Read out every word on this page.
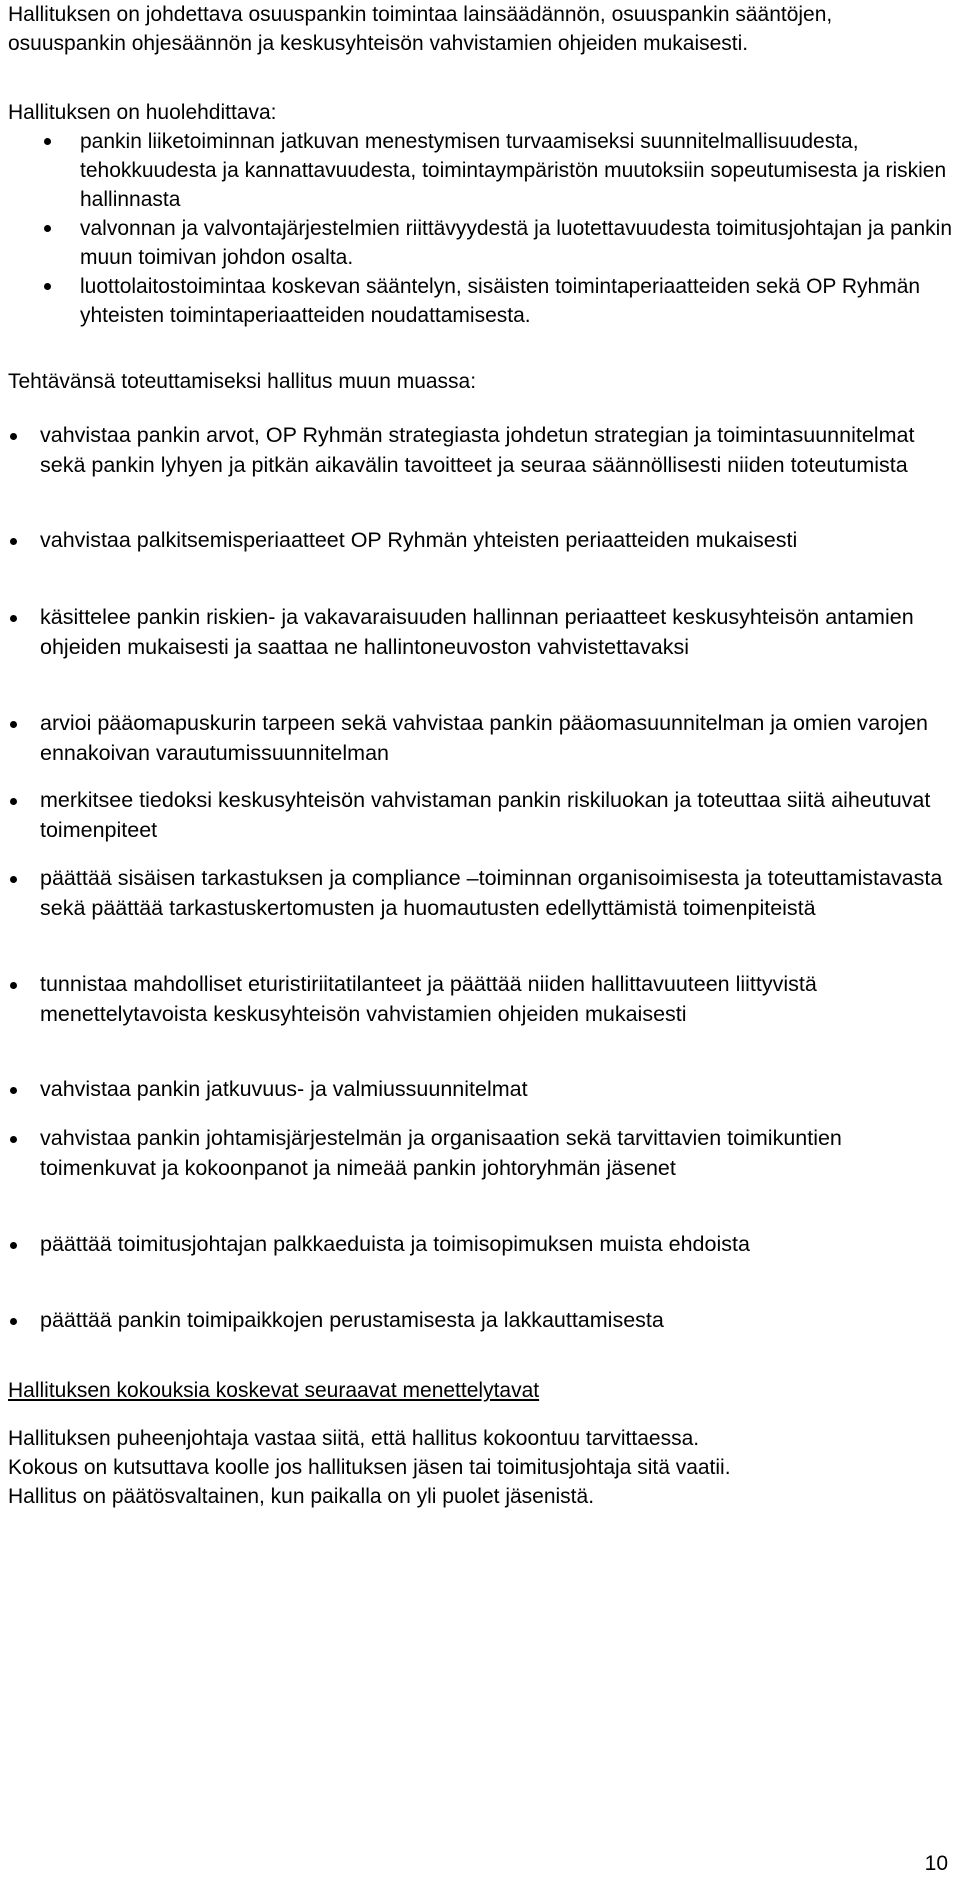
Hallituksen on johdettava osuuspankin toimintaa lainsäädännön, osuuspankin sääntöjen, osuuspankin ohjesäännön ja keskusyhteisön vahvistamien ohjeiden mukaisesti.

Hallituksen on huolehdittava:

pankin liiketoiminnan jatkuvan menestymisen turvaamiseksi suunnitelmallisuudesta, tehokkuudesta ja kannattavuudesta, toimintaympäristön muutoksiin sopeutumisesta ja riskien hallinnasta
valvonnan ja valvontajärjestelmien riittävyydestä ja luotettavuudesta toimitusjohtajan ja pankin muun toimivan johdon osalta.
luottolaitostoimintaa koskevan sääntelyn, sisäisten toimintaperiaatteiden sekä OP Ryhmän yhteisten toimintaperiaatteiden noudattamisesta.

Tehtävänsä toteuttamiseksi hallitus muun muassa:

vahvistaa pankin arvot, OP Ryhmän strategiasta johdetun strategian ja toimintasuunnitelmat sekä pankin lyhyen ja pitkän aikavälin tavoitteet ja seuraa säännöllisesti niiden toteutumista
vahvistaa palkitsemisperiaatteet OP Ryhmän yhteisten periaatteiden mukaisesti
käsittelee pankin riskien- ja vakavaraisuuden hallinnan periaatteet keskusyhteisön antamien ohjeiden mukaisesti ja saattaa ne hallintoneuvoston vahvistettavaksi
arvioi pääomapuskurin tarpeen sekä vahvistaa pankin pääomasuunnitelman ja omien varojen ennakoivan varautumissuunnitelman
merkitsee tiedoksi keskusyhteisön vahvistaman pankin riskiluokan ja toteuttaa siitä aiheutuvat toimenpiteet
päättää sisäisen tarkastuksen ja compliance –toiminnan organisoimisesta ja toteuttamistavasta sekä päättää tarkastuskertomusten ja huomautusten edellyttämistä toimenpiteistä
tunnistaa mahdolliset eturistiriitatilanteet ja päättää niiden hallittavuuteen liittyvistä menettelytavoista keskusyhteisön vahvistamien ohjeiden mukaisesti
vahvistaa pankin jatkuvuus- ja valmiussuunnitelmat
vahvistaa pankin johtamisjärjestelmän ja organisaation sekä tarvittavien toimikuntien toimenkuvat ja kokoonpanot ja nimeää pankin johtoryhmän jäsenet
päättää toimitusjohtajan palkkaeduista ja toimisopimuksen muista ehdoista
päättää pankin toimipaikkojen perustamisesta ja lakkauttamisesta

Hallituksen kokouksia koskevat seuraavat menettelytavat

Hallituksen puheenjohtaja vastaa siitä, että hallitus kokoontuu tarvittaessa.

Kokous on kutsuttava koolle jos hallituksen jäsen tai toimitusjohtaja sitä vaatii.

Hallitus on päätösvaltainen, kun paikalla on yli puolet jäsenistä.

10
